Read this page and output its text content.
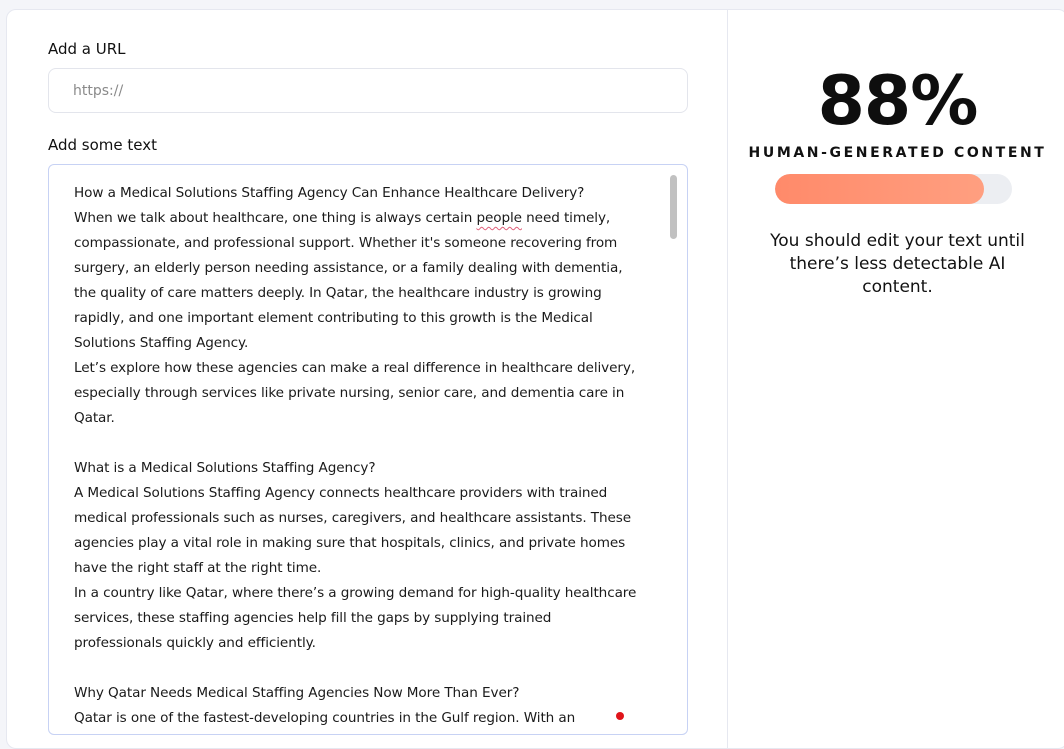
Add a URL
https://
Add some text

How a Medical Solutions Staffing Agency Can Enhance Healthcare Delivery?

When we talk about healthcare, one thing is always certain people need timely, compassionate, and professional support. Whether it's someone recovering from surgery, an elderly person needing assistance, or a family dealing with dementia, the quality of care matters deeply. In Qatar, the healthcare industry is growing rapidly, and one important element contributing to this growth is the Medical Solutions Staffing Agency.

Let’s explore how these agencies can make a real difference in healthcare delivery, especially through services like private nursing, senior care, and dementia care in Qatar.

What is a Medical Solutions Staffing Agency?

A Medical Solutions Staffing Agency connects healthcare providers with trained medical professionals such as nurses, caregivers, and healthcare assistants. These agencies play a vital role in making sure that hospitals, clinics, and private homes have the right staff at the right time.

In a country like Qatar, where there’s a growing demand for high-quality healthcare services, these staffing agencies help fill the gaps by supplying trained professionals quickly and efficiently.

Why Qatar Needs Medical Staffing Agencies Now More Than Ever?

Qatar is one of the fastest-developing countries in the Gulf region. With an

88%
HUMAN-GENERATED CONTENT
You should edit your text until there’s less detectable AI content.
